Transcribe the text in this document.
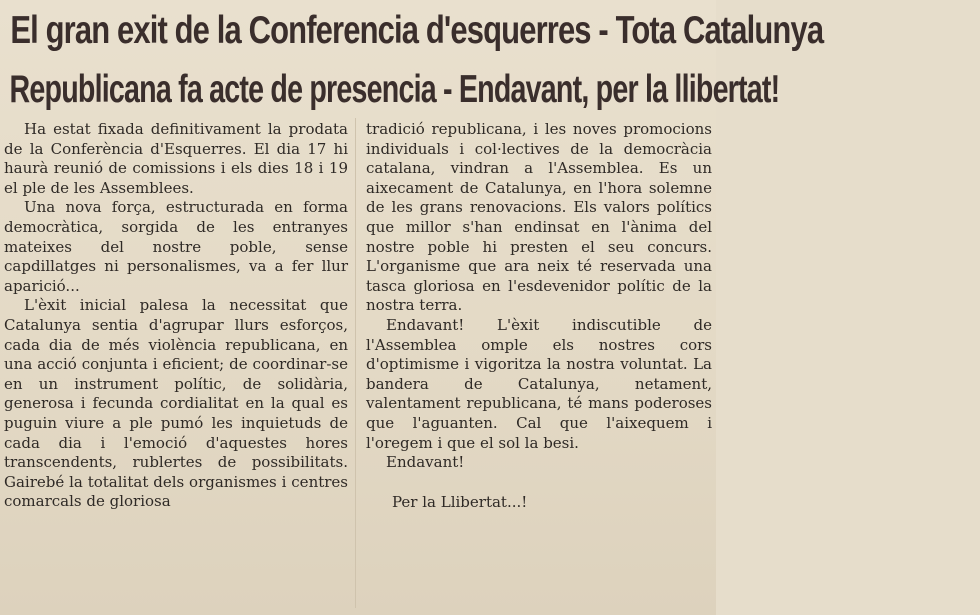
El gran exit de la Conferencia d'esquerres - Tota Catalunya
Republicana fa acte de presencia - Endavant, per la llibertat!

Ha estat fixada definitivament la prodata de la Conferència d'Esquerres. El dia 17 hi haurà reunió de comissions i els dies 18 i 19 el ple de les Assemblees.

Una nova força, estructurada en forma democràtica, sorgida de les entranyes mateixes del nostre poble, sense capdillatges ni personalismes, va a fer llur aparició...

L'èxit inicial palesa la necessitat que Catalunya sentia d'agrupar llurs esforços, cada dia de més violència republicana, en una acció conjunta i eficient; de coordinar-se en un instrument polític, de solidària, generosa i fecunda cordialitat en la qual es puguin viure a ple pumó les inquietuds de cada dia i l'emoció d'aquestes hores transcendents, rublertes de possibilitats. Gairebé la totalitat dels organismes i centres comarcals de gloriosa

tradició republicana, i les noves promocions individuals i col·lectives de la democràcia catalana, vindran a l'Assemblea. Es un aixecament de Catalunya, en l'hora solemne de les grans renovacions. Els valors polítics que millor s'han endinsat en l'ànima del nostre poble hi presten el seu concurs. L'organisme que ara neix té reservada una tasca gloriosa en l'esdevenidor polític de la nostra terra.

Endavant! L'èxit indiscutible de l'Assemblea omple els nostres cors d'optimisme i vigoritza la nostra voluntat. La bandera de Catalunya, netament, valentament republicana, té mans poderoses que l'aguanten. Cal que l'aixequem i l'oregem i que el sol la besi.

Endavant!

Per la Llibertat...!
